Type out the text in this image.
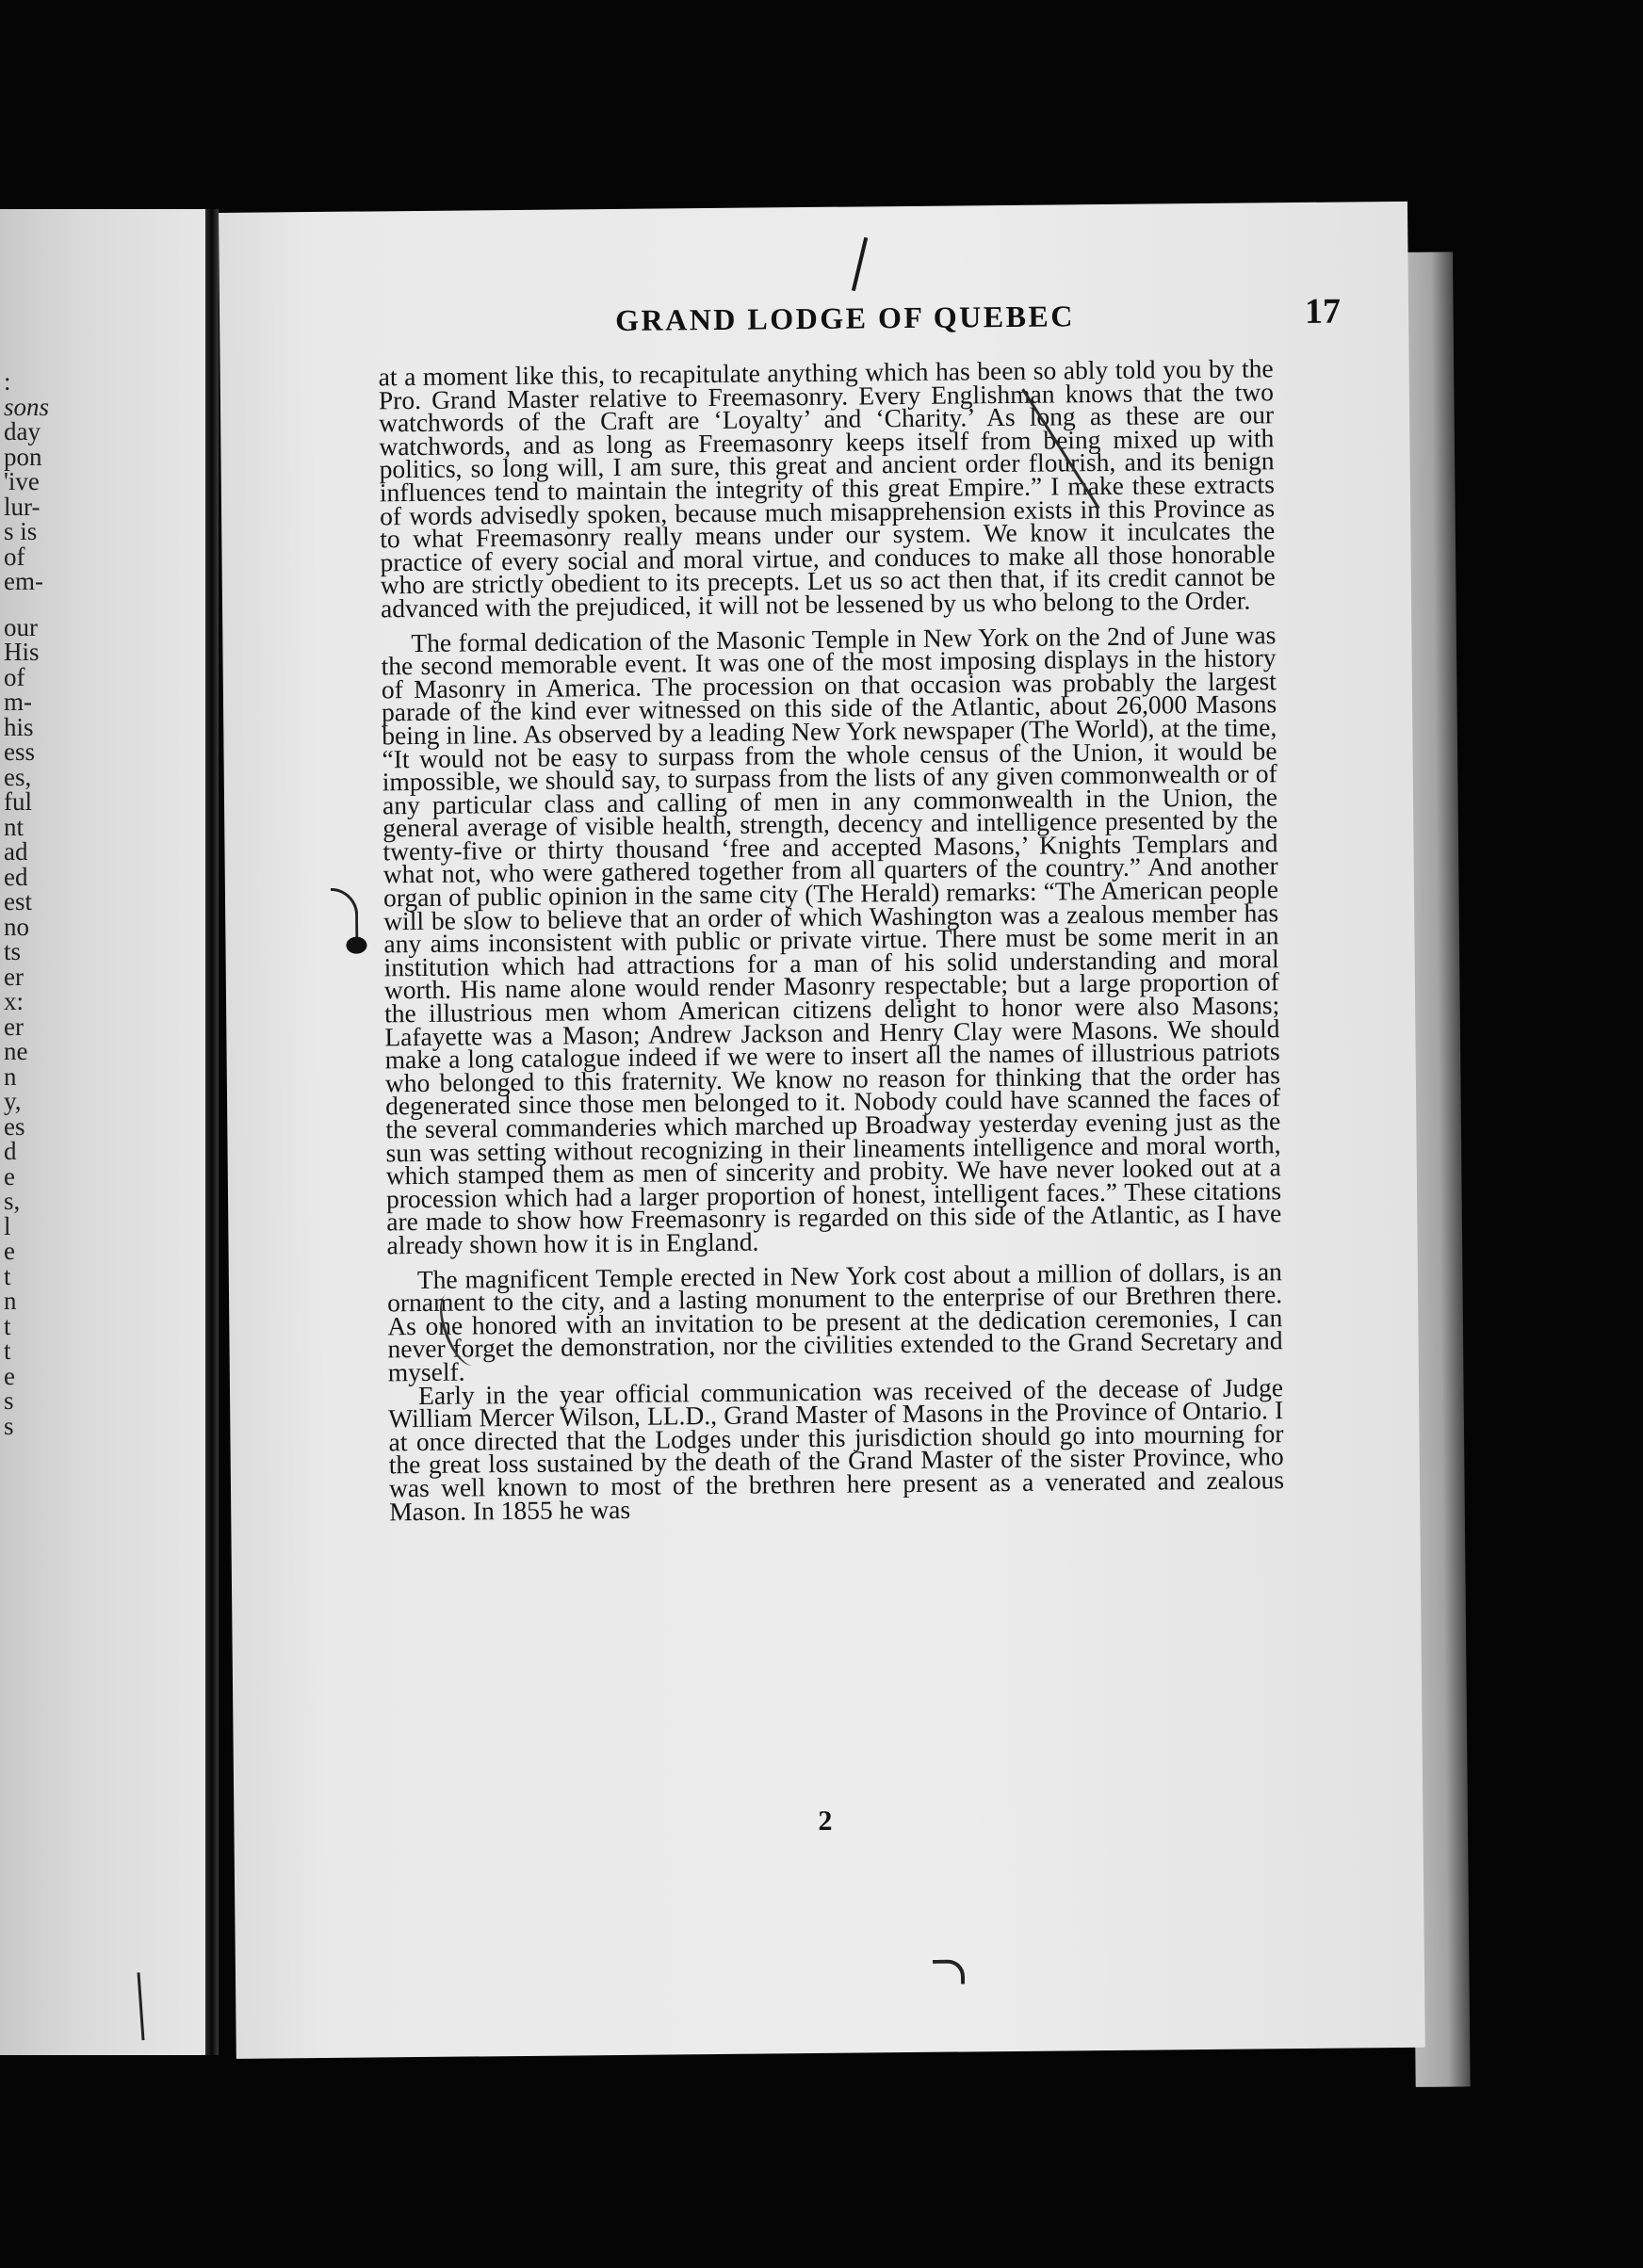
:
sons
day
pon
'ive
lur-
s is
of
em-
our
His
of
m-
his
ess
es,
ful
nt
ad
ed
est
no
ts
er
x:
er
ne
n
y,
es
d
e
s,
l
e
t
n
t
t
e
s
s
GRAND LODGE OF QUEBEC	17

at a moment like this, to recapitulate anything which has been so ably told you by the Pro. Grand Master relative to Freemasonry. Every Englishman knows that the two watchwords of the Craft are ‘Loyalty’ and ‘Charity.’ As long as these are our watchwords, and as long as Freemasonry keeps itself from being mixed up with politics, so long will, I am sure, this great and ancient order flourish, and its benign influences tend to maintain the integrity of this great Empire.” I make these extracts of words advisedly spoken, because much misapprehension exists in this Province as to what Freemasonry really means under our system. We know it inculcates the practice of every social and moral virtue, and conduces to make all those honorable who are strictly obedient to its precepts. Let us so act then that, if its credit cannot be advanced with the prejudiced, it will not be lessened by us who belong to the Order.

The formal dedication of the Masonic Temple in New York on the 2nd of June was the second memorable event. It was one of the most imposing displays in the history of Masonry in America. The procession on that occasion was probably the largest parade of the kind ever witnessed on this side of the Atlantic, about 26,000 Masons being in line. As observed by a leading New York newspaper (The World), at the time, “It would not be easy to surpass from the whole census of the Union, it would be impossible, we should say, to surpass from the lists of any given commonwealth or of any particular class and calling of men in any commonwealth in the Union, the general average of visible health, strength, decency and intelligence presented by the twenty-five or thirty thousand ‘free and accepted Masons,’ Knights Templars and what not, who were gathered together from all quarters of the country.” And another organ of public opinion in the same city (The Herald) remarks: “The American people will be slow to believe that an order of which Washington was a zealous member has any aims inconsistent with public or private virtue. There must be some merit in an institution which had attractions for a man of his solid understanding and moral worth. His name alone would render Masonry respectable; but a large proportion of the illustrious men whom American citizens delight to honor were also Masons; Lafayette was a Mason; Andrew Jackson and Henry Clay were Masons. We should make a long catalogue indeed if we were to insert all the names of illustrious patriots who belonged to this fraternity. We know no reason for thinking that the order has degenerated since those men belonged to it. Nobody could have scanned the faces of the several commanderies which marched up Broadway yesterday evening just as the sun was setting without recognizing in their lineaments intelligence and moral worth, which stamped them as men of sincerity and probity. We have never looked out at a procession which had a larger proportion of honest, intelligent faces.” These citations are made to show how Freemasonry is regarded on this side of the Atlantic, as I have already shown how it is in England.

The magnificent Temple erected in New York cost about a million of dollars, is an ornament to the city, and a lasting monument to the enterprise of our Brethren there. As one honored with an invitation to be present at the dedication ceremonies, I can never forget the demonstration, nor the civilities extended to the Grand Secretary and myself.

Early in the year official communication was received of the decease of Judge William Mercer Wilson, LL.D., Grand Master of Masons in the Province of Ontario. I at once directed that the Lodges under this jurisdiction should go into mourning for the great loss sustained by the death of the Grand Master of the sister Province, who was well known to most of the brethren here present as a venerated and zealous Mason. In 1855 he was

2
